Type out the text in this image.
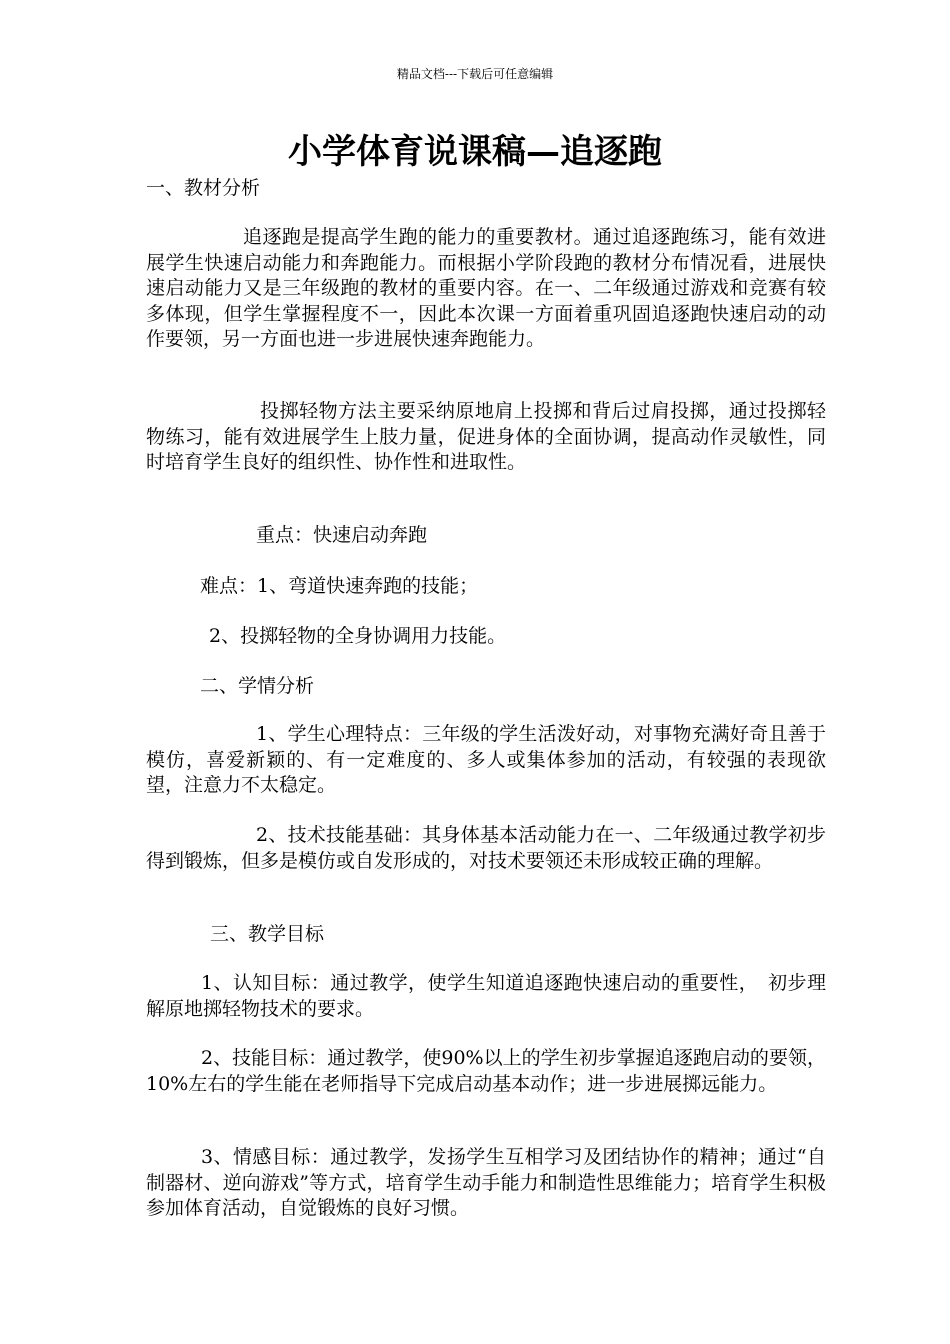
精品文档---下载后可任意编辑
小学体育说课稿—追逐跑

一、教材分析

追逐跑是提高学生跑的能力的重要教材。通过追逐跑练习，能有效进展学生快速启动能力和奔跑能力。而根据小学阶段跑的教材分布情况看，进展快速启动能力又是三年级跑的教材的重要内容。在一、二年级通过游戏和竞赛有较多体现，但学生掌握程度不一，因此本次课一方面着重巩固追逐跑快速启动的动作要领，另一方面也进一步进展快速奔跑能力。

投掷轻物方法主要采纳原地肩上投掷和背后过肩投掷，通过投掷轻物练习，能有效进展学生上肢力量，促进身体的全面协调，提高动作灵敏性，同时培育学生良好的组织性、协作性和进取性。

重点：快速启动奔跑

难点：1、弯道快速奔跑的技能；

2、投掷轻物的全身协调用力技能。

二、学情分析

1、学生心理特点：三年级的学生活泼好动，对事物充满好奇且善于模仿，喜爱新颖的、有一定难度的、多人或集体参加的活动，有较强的表现欲望，注意力不太稳定。

2、技术技能基础：其身体基本活动能力在一、二年级通过教学初步得到锻炼，但多是模仿或自发形成的，对技术要领还未形成较正确的理解。

三、教学目标

1、认知目标：通过教学，使学生知道追逐跑快速启动的重要性，　初步理解原地掷轻物技术的要求。

2、技能目标：通过教学，使90%以上的学生初步掌握追逐跑启动的要领，10%左右的学生能在老师指导下完成启动基本动作；进一步进展掷远能力。

3、情感目标：通过教学，发扬学生互相学习及团结协作的精神；通过“自制器材、逆向游戏”等方式，培育学生动手能力和制造性思维能力；培育学生积极参加体育活动，自觉锻炼的良好习惯。
